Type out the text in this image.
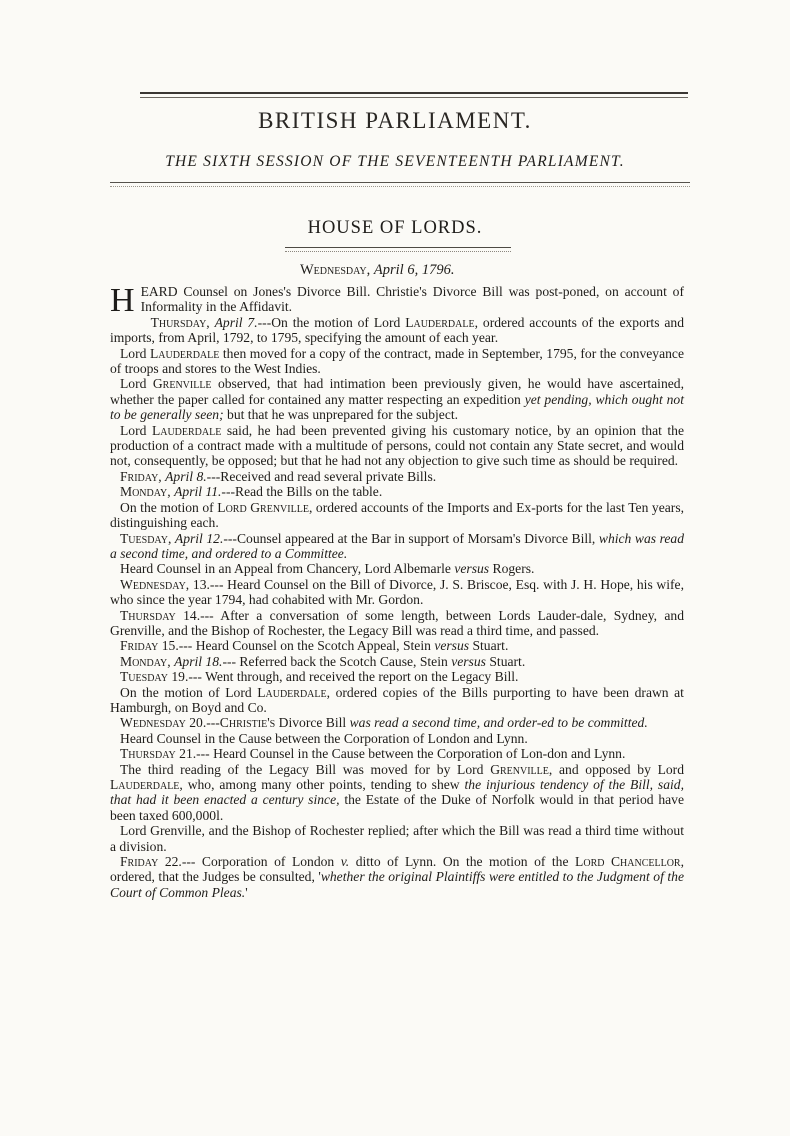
BRITISH PARLIAMENT.
THE SIXTH SESSION OF THE SEVENTEENTH PARLIAMENT.
HOUSE OF LORDS.
Wednesday, April 6, 1796.

HEARD Counsel on Jones's Divorce Bill. Christie's Divorce Bill was post-poned, on account of Informality in the Affidavit.

Thursday, April 7.---On the motion of Lord Lauderdale, ordered accounts of the exports and imports, from April, 1792, to 1795, specifying the amount of each year.

Lord Lauderdale then moved for a copy of the contract, made in September, 1795, for the conveyance of troops and stores to the West Indies.

Lord Grenville observed, that had intimation been previously given, he would have ascertained, whether the paper called for contained any matter respecting an expedition yet pending, which ought not to be generally seen; but that he was unprepared for the subject.

Lord Lauderdale said, he had been prevented giving his customary notice, by an opinion that the production of a contract made with a multitude of persons, could not contain any State secret, and would not, consequently, be opposed; but that he had not any objection to give such time as should be required.

Friday, April 8.---Received and read several private Bills.

Monday, April 11.---Read the Bills on the table.

On the motion of Lord Grenville, ordered accounts of the Imports and Ex-ports for the last Ten years, distinguishing each.

Tuesday, April 12.---Counsel appeared at the Bar in support of Morsam's Divorce Bill, which was read a second time, and ordered to a Committee.

Heard Counsel in an Appeal from Chancery, Lord Albemarle versus Rogers.

Wednesday, 13.--- Heard Counsel on the Bill of Divorce, J. S. Briscoe, Esq. with J. H. Hope, his wife, who since the year 1794, had cohabited with Mr. Gordon.

Thursday 14.--- After a conversation of some length, between Lords Lauder-dale, Sydney, and Grenville, and the Bishop of Rochester, the Legacy Bill was read a third time, and passed.

Friday 15.--- Heard Counsel on the Scotch Appeal, Stein versus Stuart.

Monday, April 18.--- Referred back the Scotch Cause, Stein versus Stuart.

Tuesday 19.--- Went through, and received the report on the Legacy Bill.

On the motion of Lord Lauderdale, ordered copies of the Bills purporting to have been drawn at Hamburgh, on Boyd and Co.

Wednesday 20.---Christie's Divorce Bill was read a second time, and order-ed to be committed.

Heard Counsel in the Cause between the Corporation of London and Lynn.

Thursday 21.--- Heard Counsel in the Cause between the Corporation of Lon-don and Lynn.

The third reading of the Legacy Bill was moved for by Lord Grenville, and opposed by Lord Lauderdale, who, among many other points, tending to shew the injurious tendency of the Bill, said, that had it been enacted a century since, the Estate of the Duke of Norfolk would in that period have been taxed 600,000l.

Lord Grenville, and the Bishop of Rochester replied; after which the Bill was read a third time without a division.

Friday 22.--- Corporation of London v. ditto of Lynn. On the motion of the Lord Chancellor, ordered, that the Judges be consulted, 'whether the original Plaintiffs were entitled to the Judgment of the Court of Common Pleas.'
